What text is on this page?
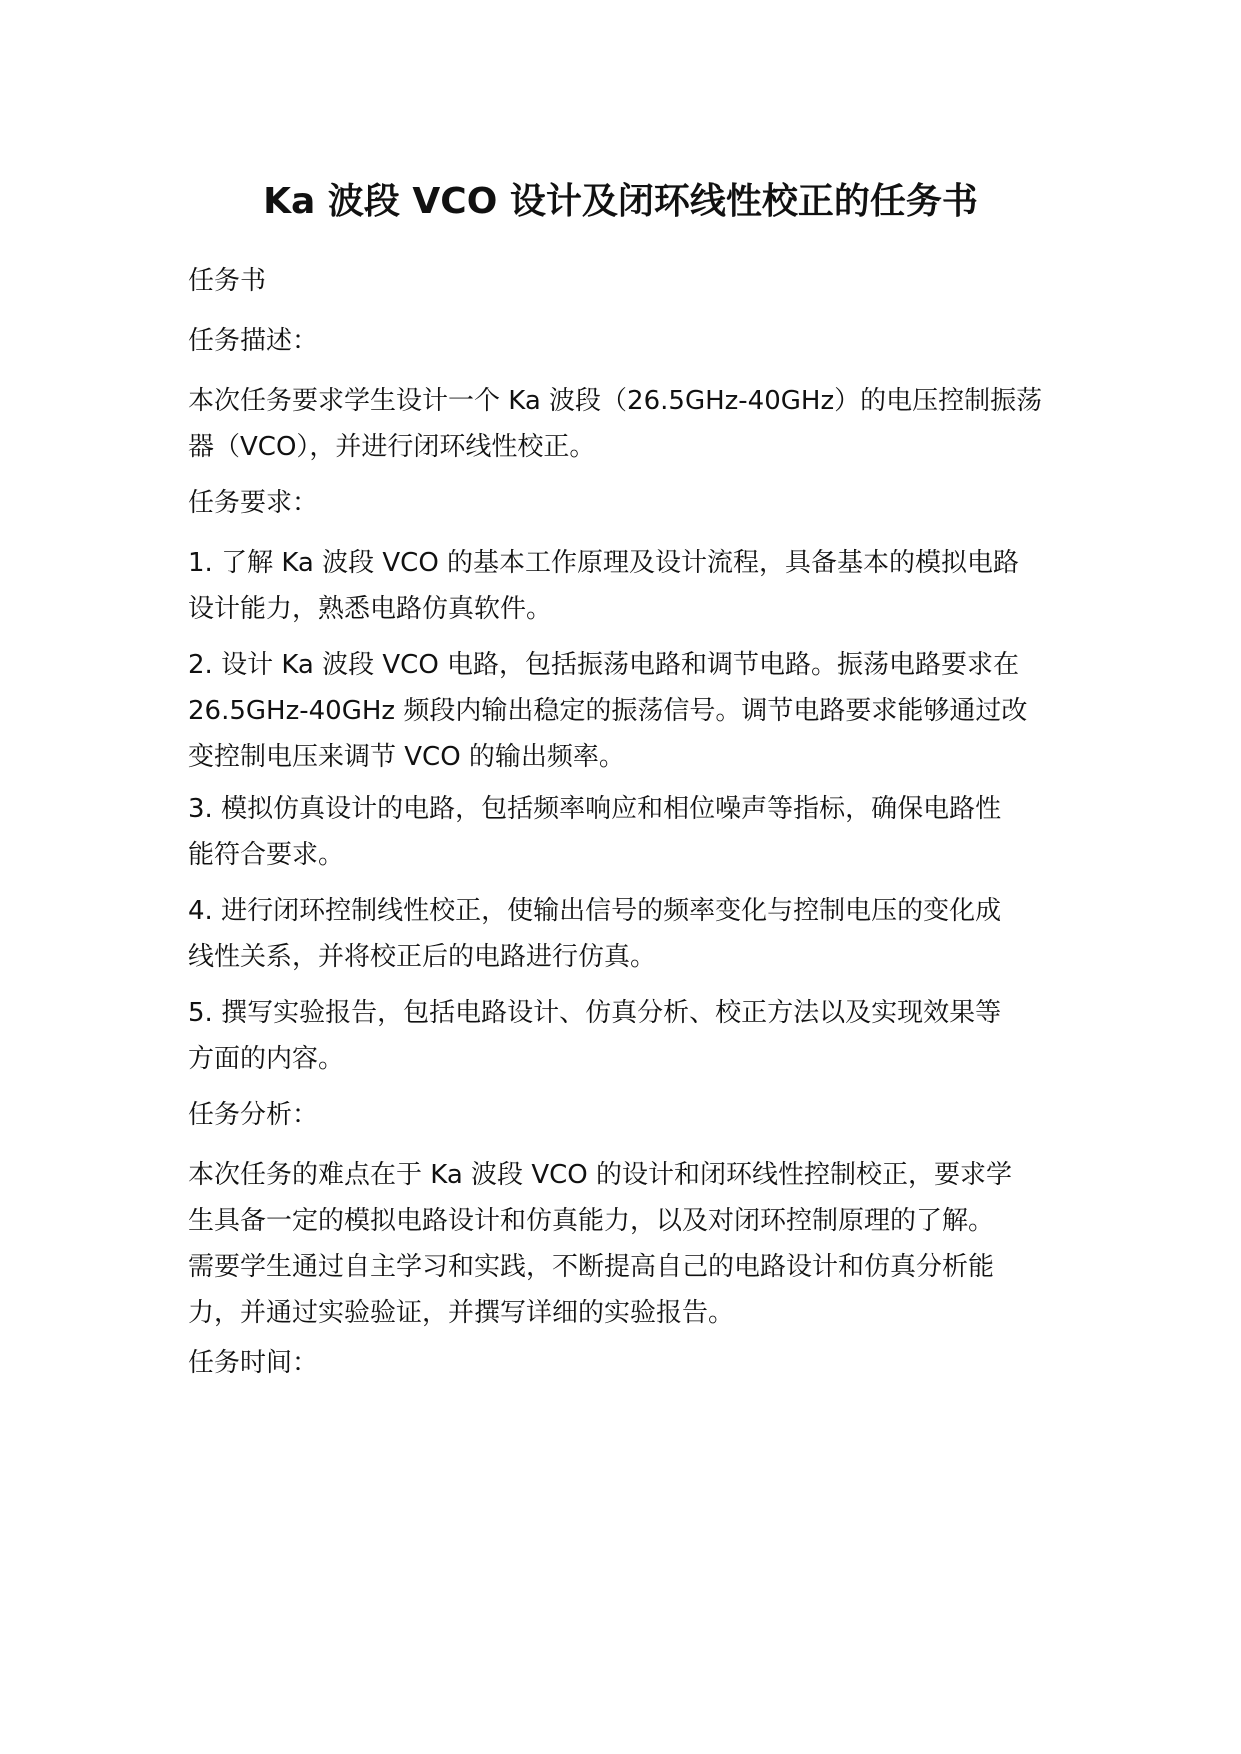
Ka 波段 VCO 设计及闭环线性校正的任务书

任务书

任务描述：

本次任务要求学生设计一个 Ka 波段（26.5GHz-40GHz）的电压控制振荡
器（VCO），并进行闭环线性校正。

任务要求：

1. 了解 Ka 波段 VCO 的基本工作原理及设计流程，具备基本的模拟电路
设计能力，熟悉电路仿真软件。

2. 设计 Ka 波段 VCO 电路，包括振荡电路和调节电路。振荡电路要求在
26.5GHz-40GHz 频段内输出稳定的振荡信号。调节电路要求能够通过改
变控制电压来调节 VCO 的输出频率。

3. 模拟仿真设计的电路，包括频率响应和相位噪声等指标，确保电路性
能符合要求。

4. 进行闭环控制线性校正，使输出信号的频率变化与控制电压的变化成
线性关系，并将校正后的电路进行仿真。

5. 撰写实验报告，包括电路设计、仿真分析、校正方法以及实现效果等
方面的内容。

任务分析：

本次任务的难点在于 Ka 波段 VCO 的设计和闭环线性控制校正，要求学
生具备一定的模拟电路设计和仿真能力，以及对闭环控制原理的了解。
需要学生通过自主学习和实践，不断提高自己的电路设计和仿真分析能
力，并通过实验验证，并撰写详细的实验报告。

任务时间：
